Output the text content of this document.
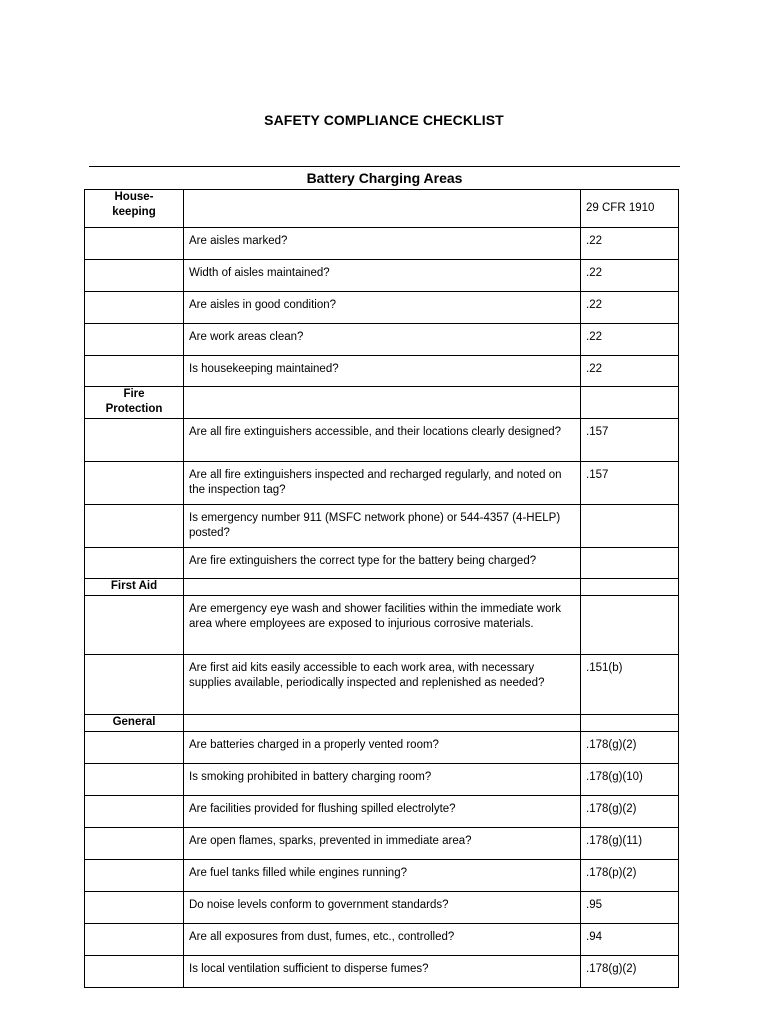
SAFETY COMPLIANCE CHECKLIST
Battery Charging Areas
House-
keeping		29 CFR 1910
	Are aisles marked?	.22
	Width of aisles maintained?	.22
	Are aisles in good condition?	.22
	Are work areas clean?	.22
	Is housekeeping maintained?	.22
Fire
Protection		
	Are all fire extinguishers accessible, and their locations clearly designed?	.157
	Are all fire extinguishers inspected and recharged regularly, and noted on the inspection tag?	.157
	Is emergency number 911 (MSFC network phone) or 544-4357 (4-HELP) posted?	
	Are fire extinguishers the correct type for the battery being charged?	
First Aid		
	Are emergency eye wash and shower facilities within the immediate work area where employees are exposed to injurious corrosive materials.	
	Are first aid kits easily accessible to each work area, with necessary supplies available, periodically inspected and replenished as needed?	.151(b)
General		
	Are batteries charged in a properly vented room?	.178(g)(2)
	Is smoking prohibited in battery charging room?	.178(g)(10)
	Are facilities provided for flushing spilled electrolyte?	.178(g)(2)
	Are open flames, sparks, prevented in immediate area?	.178(g)(11)
	Are fuel tanks filled while engines running?	.178(p)(2)
	Do noise levels conform to government standards?	.95
	Are all exposures from dust, fumes, etc., controlled?	.94
	Is local ventilation sufficient to disperse fumes?	.178(g)(2)
